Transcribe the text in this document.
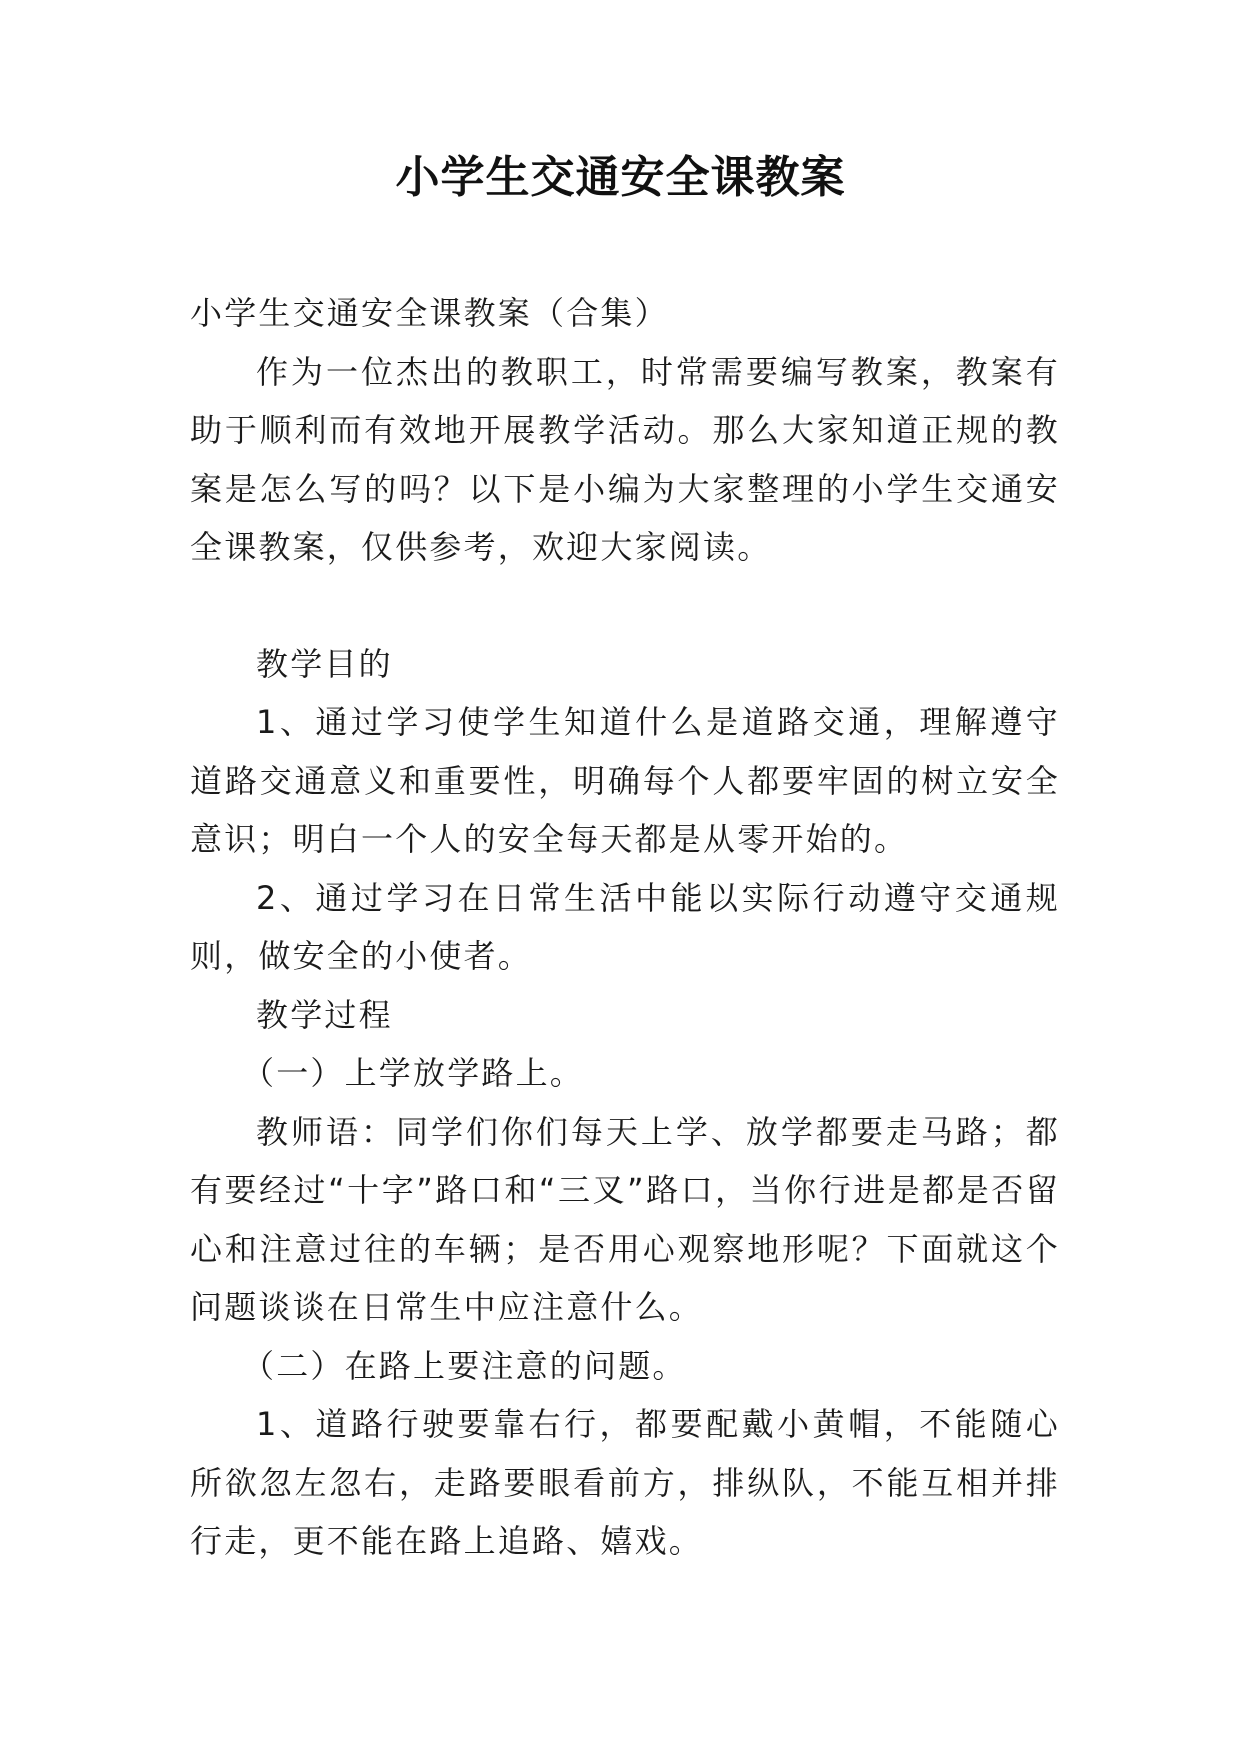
小学生交通安全课教案

小学生交通安全课教案（合集）

作为一位杰出的教职工，时常需要编写教案，教案有助于顺利而有效地开展教学活动。那么大家知道正规的教案是怎么写的吗？以下是小编为大家整理的小学生交通安全课教案，仅供参考，欢迎大家阅读。

教学目的

1、通过学习使学生知道什么是道路交通，理解遵守道路交通意义和重要性，明确每个人都要牢固的树立安全意识；明白一个人的安全每天都是从零开始的。

2、通过学习在日常生活中能以实际行动遵守交通规则，做安全的小使者。

教学过程

（一）上学放学路上。

教师语：同学们你们每天上学、放学都要走马路；都有要经过“十字”路口和“三叉”路口，当你行进是都是否留心和注意过往的车辆；是否用心观察地形呢？下面就这个问题谈谈在日常生中应注意什么。

（二）在路上要注意的问题。

1、道路行驶要靠右行，都要配戴小黄帽，不能随心所欲忽左忽右，走路要眼看前方，排纵队，不能互相并排行走，更不能在路上追路、嬉戏。
